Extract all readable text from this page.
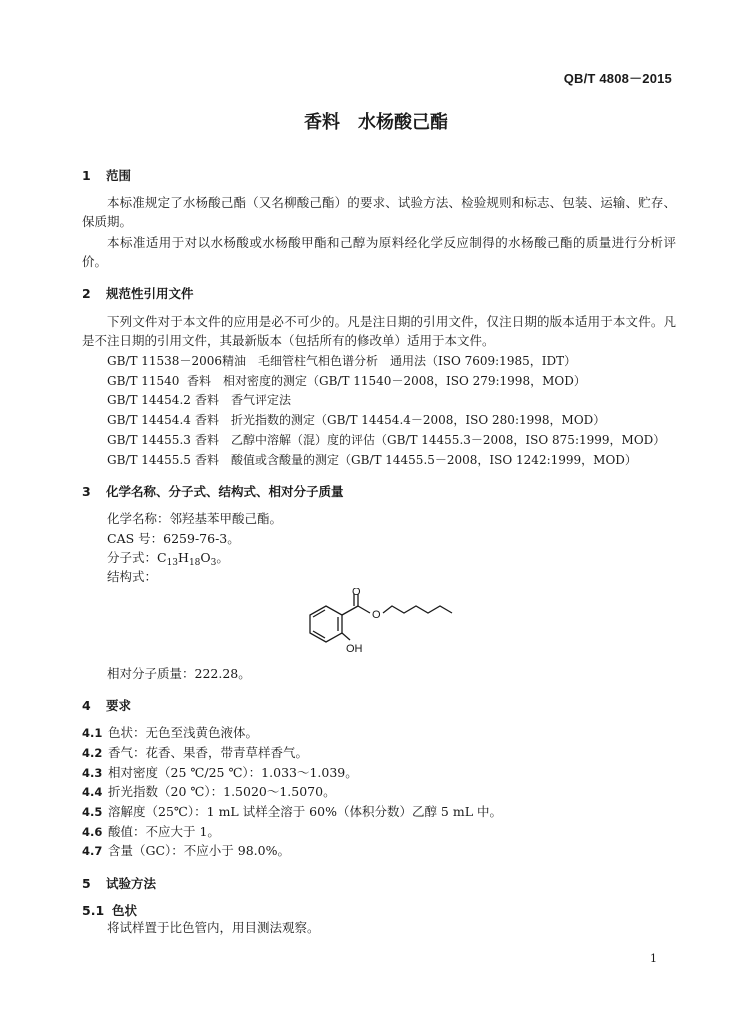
QB/T 4808－2015
香料　水杨酸己酯
1 范围
本标准规定了水杨酸己酯（又名柳酸己酯）的要求、试验方法、检验规则和标志、包装、运输、贮存、保质期。
本标准适用于对以水杨酸或水杨酸甲酯和己醇为原料经化学反应制得的水杨酸己酯的质量进行分析评价。
2 规范性引用文件
下列文件对于本文件的应用是必不可少的。凡是注日期的引用文件，仅注日期的版本适用于本文件。凡是不注日期的引用文件，其最新版本（包括所有的修改单）适用于本文件。
GB/T 11538－2006精油　毛细管柱气相色谱分析　通用法（ISO 7609:1985，IDT）
GB/T 11540 香料　相对密度的测定（GB/T 11540－2008，ISO 279:1998，MOD）
GB/T 14454.2 香料　香气评定法
GB/T 14454.4 香料　折光指数的测定（GB/T 14454.4－2008，ISO 280:1998，MOD）
GB/T 14455.3 香料　乙醇中溶解（混）度的评估（GB/T 14455.3－2008，ISO 875:1999，MOD）
GB/T 14455.5 香料　酸值或含酸量的测定（GB/T 14455.5－2008，ISO 1242:1999，MOD）
3 化学名称、分子式、结构式、相对分子质量
化学名称：邻羟基苯甲酸己酯。
CAS 号：6259-76-3。
分子式：$C_{13}H_{18}O_3$。
结构式：
O
O
OH
相对分子质量：222.28。
4 要求
4.1 色状：无色至浅黄色液体。
4.2 香气：花香、果香，带青草样香气。
4.3 相对密度（25 ℃/25 ℃）：1.033～1.039。
4.4 折光指数（20 ℃）：1.5020～1.5070。
4.5 溶解度（25℃）：1 mL 试样全溶于 60%（体积分数）乙醇 5 mL 中。
4.6 酸值：不应大于 1。
4.7 含量（GC）：不应小于 98.0%。
5 试验方法
5.1 色状
将试样置于比色管内，用目测法观察。
1
